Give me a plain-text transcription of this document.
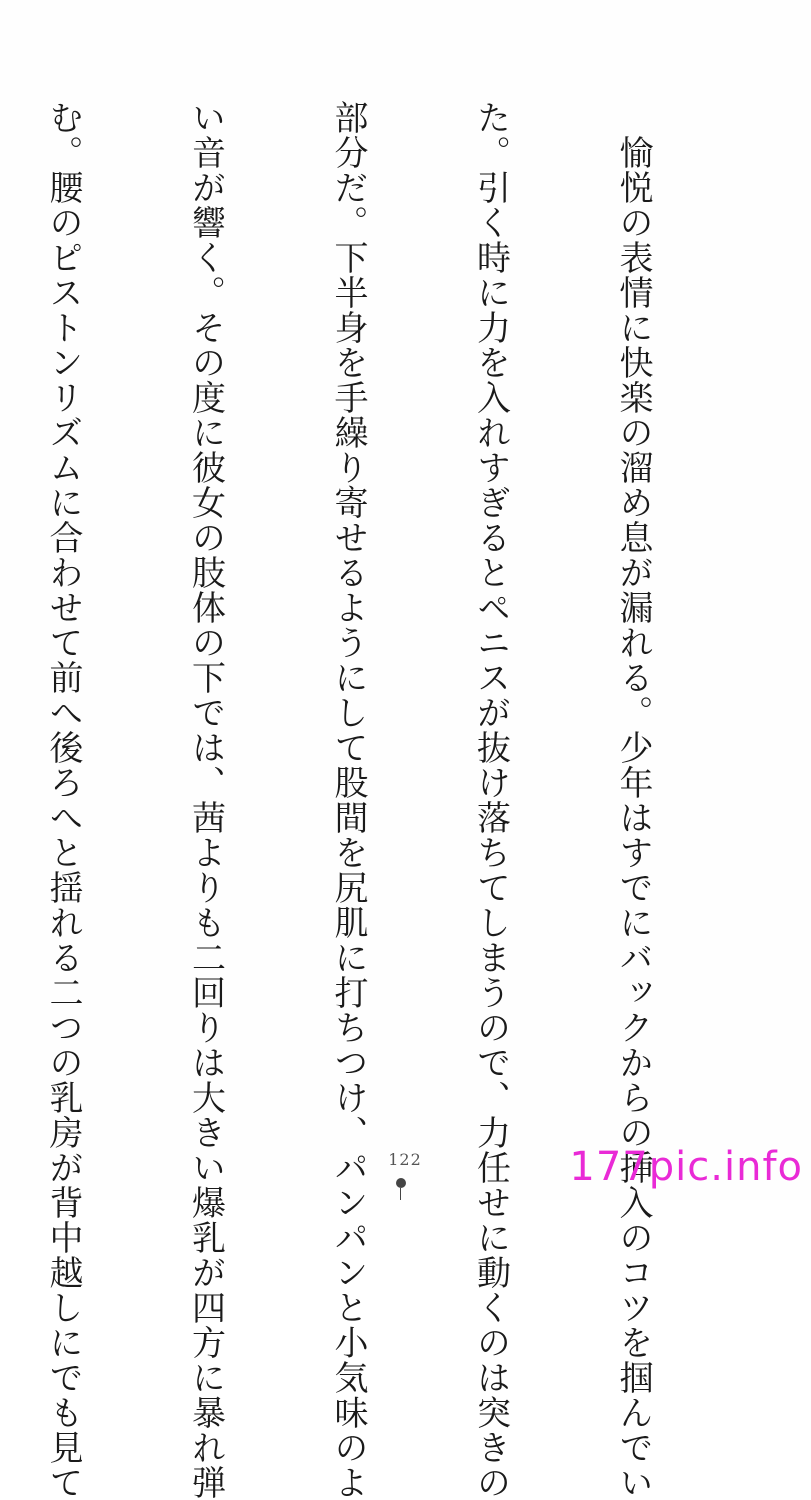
　愉悦の表情に快楽の溜め息が漏れる。少年はすでにバックからの挿入のコツを掴んでい

た。引く時に力を入れすぎるとペニスが抜け落ちてしまうので、力任せに動くのは突きの

部分だ。下半身を手繰り寄せるようにして股間を尻肌に打ちつけ、パンパンと小気味のよ

い音が響く。その度に彼女の肢体の下では、茜よりも二回りは大きい爆乳が四方に暴れ弾

む。腰のピストンリズムに合わせて前へ後ろへと揺れる二つの乳房が背中越しにでも見て

	122	177pic.info
